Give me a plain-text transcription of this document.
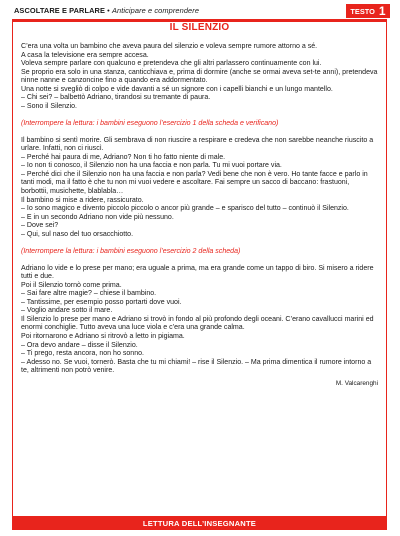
ASCOLTARE E PARLARE • Anticipare e comprendere	TESTO 1
IL SILENZIO

C’era una volta un bambino che aveva paura del silenzio e voleva sempre rumore attorno a sé.

A casa la televisione era sempre accesa.

Voleva sempre parlare con qualcuno e pretendeva che gli altri parlassero continuamente con lui.

Se proprio era solo in una stanza, canticchiava e, prima di dormire (anche se ormai aveva set-te anni), pretendeva ninne nanne e canzoncine fino a quando era addormentato.

Una notte si svegliò di colpo e vide davanti a sé un signore con i capelli bianchi e un lungo mantello.

– Chi sei? – balbettò Adriano, tirandosi su tremante di paura.

– Sono il Silenzio.

(Interrompere la lettura: i bambini eseguono l’esercizio 1 della scheda e verificano)

Il bambino si sentì morire. Gli sembrava di non riuscire a respirare e credeva che non sarebbe neanche riuscito a urlare. Infatti, non ci riuscì.

– Perché hai paura di me, Adriano? Non ti ho fatto niente di male.

– Io non ti conosco, il Silenzio non ha una faccia e non parla. Tu mi vuoi portare via.

– Perché dici che il Silenzio non ha una faccia e non parla? Vedi bene che non è vero. Ho tante facce e parlo in tanti modi, ma il fatto è che tu non mi vuoi vedere e ascoltare. Fai sempre un sacco di baccano: frastuoni, borbottii, musichette, blablabla…

Il bambino si mise a ridere, rassicurato.

– Io sono magico e divento piccolo piccolo o ancor più grande – e sparisco del tutto – continuò il Silenzio.

– E in un secondo Adriano non vide più nessuno.

– Dove sei?

– Qui, sul naso del tuo orsacchiotto.

(Interrompere la lettura: i bambini eseguono l’esercizio 2 della scheda)

Adriano lo vide e lo prese per mano; era uguale a prima, ma era grande come un tappo di biro. Si misero a ridere tutti e due.

Poi il Silenzio tornò come prima.

– Sai fare altre magie? – chiese il bambino.

– Tantissime, per esempio posso portarti dove vuoi.

– Voglio andare sotto il mare.

Il Silenzio lo prese per mano e Adriano si trovò in fondo al più profondo degli oceani. C’erano cavallucci marini ed enormi conchiglie. Tutto aveva una luce viola e c’era una grande calma.

Poi ritornarono e Adriano si ritrovò a letto in pigiama.

– Ora devo andare – disse il Silenzio.

– Ti prego, resta ancora, non ho sonno.

– Adesso no. Se vuoi, tornerò. Basta che tu mi chiami! – rise il Silenzio. – Ma prima dimentica il rumore intorno a te, altrimenti non potrò venire.

M. Valcarenghi

LETTURA DELL’INSEGNANTE
